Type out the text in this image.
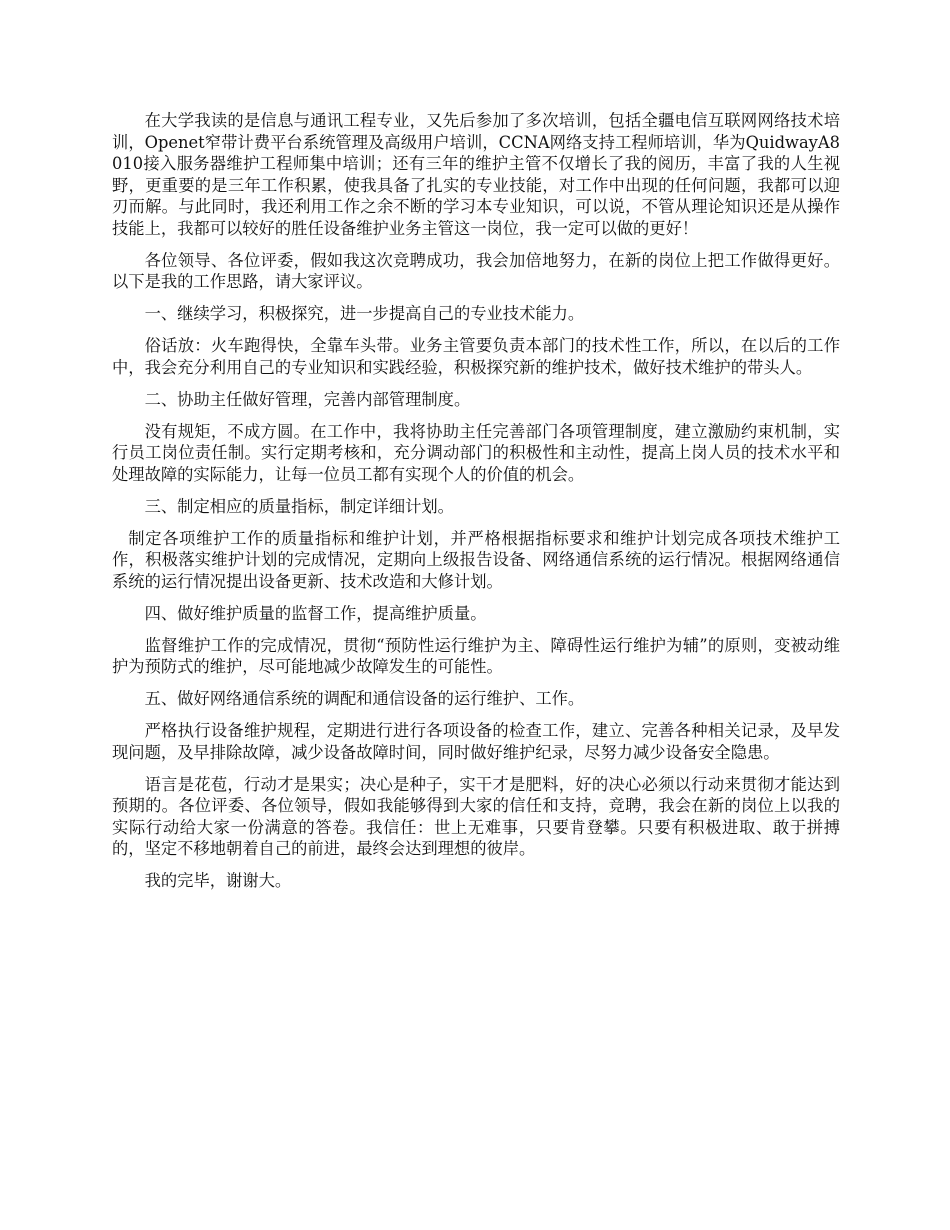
在大学我读的是信息与通讯工程专业，又先后参加了多次培训，包括全疆电信互联网网络技术培训，Openet窄带计费平台系统管理及高级用户培训，CCNA网络支持工程师培训，华为QuidwayA8010接入服务器维护工程师集中培训；还有三年的维护主管不仅增长了我的阅历，丰富了我的人生视野，更重要的是三年工作积累，使我具备了扎实的专业技能，对工作中出现的任何问题，我都可以迎刃而解。与此同时，我还利用工作之余不断的学习本专业知识，可以说，不管从理论知识还是从操作技能上，我都可以较好的胜任设备维护业务主管这一岗位，我一定可以做的更好！

各位领导、各位评委，假如我这次竞聘成功，我会加倍地努力，在新的岗位上把工作做得更好。以下是我的工作思路，请大家评议。

一、继续学习，积极探究，进一步提高自己的专业技术能力。

俗话放：火车跑得快，全靠车头带。业务主管要负责本部门的技术性工作，所以，在以后的工作中，我会充分利用自己的专业知识和实践经验，积极探究新的维护技术，做好技术维护的带头人。

二、协助主任做好管理，完善内部管理制度。

没有规矩，不成方圆。在工作中，我将协助主任完善部门各项管理制度，建立激励约束机制，实行员工岗位责任制。实行定期考核和，充分调动部门的积极性和主动性，提高上岗人员的技术水平和处理故障的实际能力，让每一位员工都有实现个人的价值的机会。

三、制定相应的质量指标，制定详细计划。

制定各项维护工作的质量指标和维护计划，并严格根据指标要求和维护计划完成各项技术维护工作，积极落实维护计划的完成情况，定期向上级报告设备、网络通信系统的运行情况。根据网络通信系统的运行情况提出设备更新、技术改造和大修计划。

四、做好维护质量的监督工作，提高维护质量。

监督维护工作的完成情况，贯彻“预防性运行维护为主、障碍性运行维护为辅”的原则，变被动维护为预防式的维护，尽可能地减少故障发生的可能性。

五、做好网络通信系统的调配和通信设备的运行维护、工作。

严格执行设备维护规程，定期进行进行各项设备的检查工作，建立、完善各种相关记录，及早发现问题，及早排除故障，减少设备故障时间，同时做好维护纪录，尽努力减少设备安全隐患。

语言是花苞，行动才是果实；决心是种子，实干才是肥料，好的决心必须以行动来贯彻才能达到预期的。各位评委、各位领导，假如我能够得到大家的信任和支持，竞聘，我会在新的岗位上以我的实际行动给大家一份满意的答卷。我信任：世上无难事，只要肯登攀。只要有积极进取、敢于拼搏的，坚定不移地朝着自己的前进，最终会达到理想的彼岸。

我的完毕，谢谢大。
